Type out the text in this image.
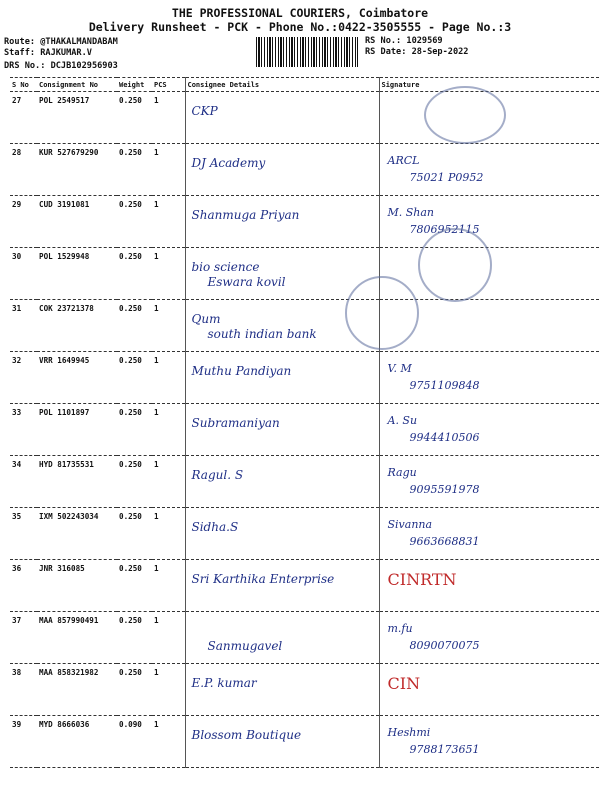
THE PROFESSIONAL COURIERS, Coimbatore
Delivery Runsheet - PCK - Phone No.:0422-3505555 - Page No.:3
Route: @THAKALMANDABAM
Staff: RAJKUMAR.V
DRS No.: DCJB102956903
RS No.: 1029569
RS Date: 28-Sep-2022
S No	Consignment No	Weight	PCS	Consignee Details	Signature
27	POL 2549517	0.250	1	CKP	

28	KUR 527679290	0.250	1	DJ Academy	ARCL
75021 P0952

29	CUD 3191081	0.250	1	Shanmuga Priyan	M. Shan
7806952115

30	POL 1529948	0.250	1	bio science
Eswara kovil	

31	COK 23721378	0.250	1	Qum
south indian bank	

32	VRR 1649945	0.250	1	Muthu Pandiyan	V. M
9751109848

33	POL 1101897	0.250	1	Subramaniyan	A. Su
9944410506

34	HYD 81735531	0.250	1	Ragul. S	Ragu
9095591978

35	IXM 502243034	0.250	1	Sidha.S	Sivanna
9663668831

36	JNR 316085	0.250	1	Sri Karthika Enterprise	CINRTN

37	MAA 857990491	0.250	1	Sanmugavel	m.fu
8090070075

38	MAA 858321982	0.250	1	E.P. kumar	CIN

39	MYD 8666036	0.090	1	Blossom Boutique	Heshmi
9788173651
